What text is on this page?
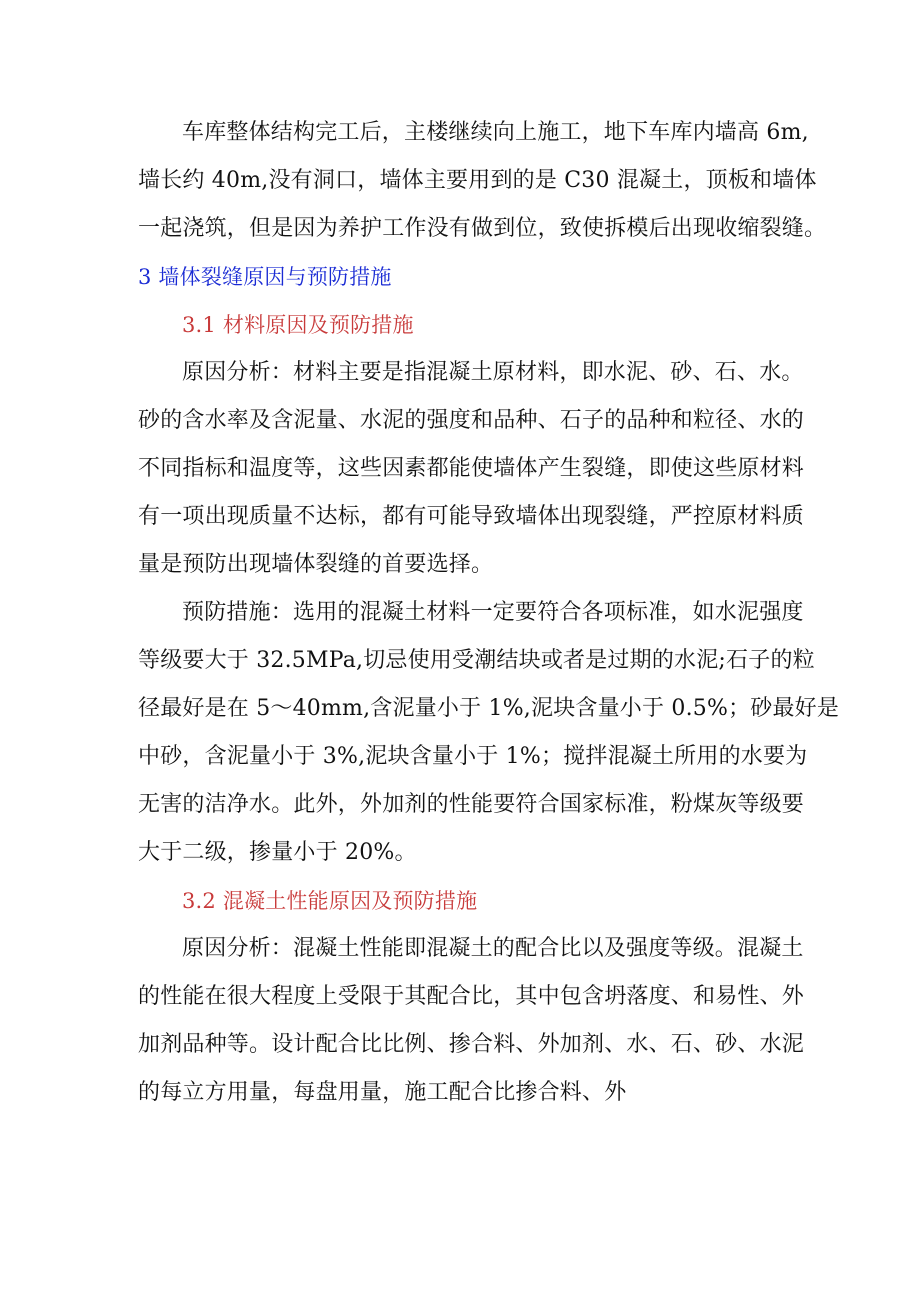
车库整体结构完工后，主楼继续向上施工，地下车库内墙高 6m,
墙长约 40m,没有洞口，墙体主要用到的是 C30 混凝土，顶板和墙体
一起浇筑，但是因为养护工作没有做到位，致使拆模后出现收缩裂缝。
3 墙体裂缝原因与预防措施
3.1 材料原因及预防措施
原因分析：材料主要是指混凝土原材料，即水泥、砂、石、水。
砂的含水率及含泥量、水泥的强度和品种、石子的品种和粒径、水的
不同指标和温度等，这些因素都能使墙体产生裂缝，即使这些原材料
有一项出现质量不达标，都有可能导致墙体出现裂缝，严控原材料质
量是预防出现墙体裂缝的首要选择。
预防措施：选用的混凝土材料一定要符合各项标准，如水泥强度
等级要大于 32.5MPa,切忌使用受潮结块或者是过期的水泥;石子的粒
径最好是在 5～40mm,含泥量小于 1%,泥块含量小于 0.5%；砂最好是
中砂，含泥量小于 3%,泥块含量小于 1%；搅拌混凝土所用的水要为
无害的洁净水。此外，外加剂的性能要符合国家标准，粉煤灰等级要
大于二级，掺量小于 20%。
3.2 混凝土性能原因及预防措施
原因分析：混凝土性能即混凝土的配合比以及强度等级。混凝土
的性能在很大程度上受限于其配合比，其中包含坍落度、和易性、外
加剂品种等。设计配合比比例、掺合料、外加剂、水、石、砂、水泥
的每立方用量，每盘用量，施工配合比掺合料、外
